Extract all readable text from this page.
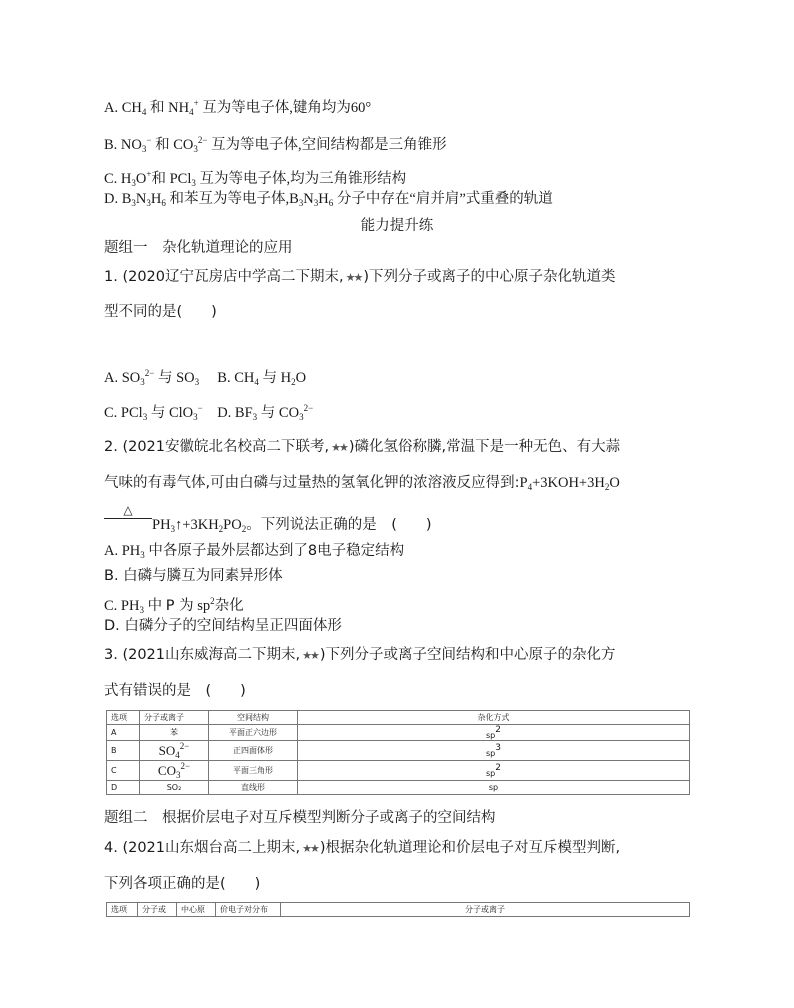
A. $CH_4$ 和 $NH_4^+$ 互为等电子体,键角均为60°
B. $NO_3^-$ 和 $CO_3^{2-}$ 互为等电子体,空间结构都是三角锥形
C. $H_3O^+$和 PCl$_3$ 互为等电子体,均为三角锥形结构
D. $B_3N_3H_6$ 和苯互为等电子体$,B_3N_3H_6$ 分子中存在“肩并肩”式重叠的轨道
能力提升练
题组一　杂化轨道理论的应用
1. (2020辽宁瓦房店中学高二下期末, ★★ )下列分子或离子的中心原子杂化轨道类
型不同的是(　　)
A. $SO_3^{2-}$ 与 $SO_3$　 B. $CH_4$ 与 $H_2O$
C. PCl$_3$ 与 ClO$_3$−　 D. $BF_3$ 与 $CO_3^{2-}$
2. (2021安徽皖北名校高二下联考, ★★ )磷化氢俗称膦,常温下是一种无色、有大蒜
气味的有毒气体,可由白磷与过量热的氢氧化钾的浓溶液反应得到$:P_4+3KOH+3H_2O$
△
$PH_3↑+3KH_2PO_2$。下列说法正确的是　(　　)
A. $PH_3$ 中各原子最外层都达到了8电子稳定结构
B. 白磷与膦互为同素异形体
C. $PH_3$ 中 P 为 $sp^2$杂化
D. 白磷分子的空间结构呈正四面体形
3. (2021山东威海高二下期末, ★★ )下列分子或离子空间结构和中心原子的杂化方
式有错误的是　(　　)
选项	分子或离子	空间结构	杂化方式
A	苯	平面正六边形	$sp^2$
B	$SO_4^{2-}$	正四面体形	$sp^3$
C	$CO_3^{2-}$	平面三角形	$sp^2$
D	SO₂	直线形	sp
题组二　根据价层电子对互斥模型判断分子或离子的空间结构
4. (2021山东烟台高二上期末, ★★ )根据杂化轨道理论和价层电子对互斥模型判断,
下列各项正确的是(　　)
选项	分子或	中心原	价电子对分布	分子或离子
